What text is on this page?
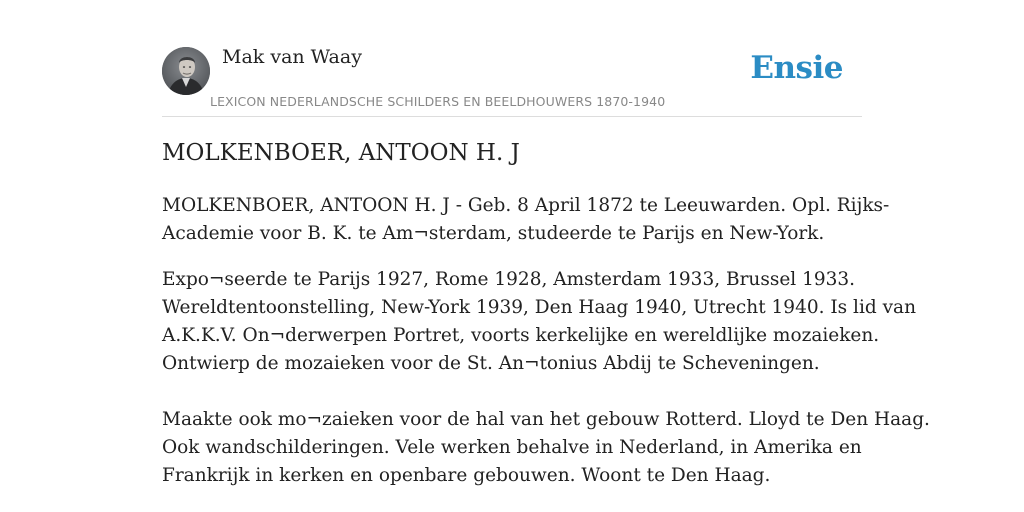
Mak van Waay
LEXICON NEDERLANDSCHE SCHILDERS EN BEELDHOUWERS 1870-1940
Ensie
MOLKENBOER, ANTOON H. J

MOLKENBOER, ANTOON H. J - Geb. 8 April 1872 te Leeuwarden. Opl. Rijks-
Academie voor B. K. te Am¬sterdam, studeerde te Parijs en New-York.

Expo¬seerde te Parijs 1927, Rome 1928, Amsterdam 1933, Brussel 1933.
Wereldtentoonstelling, New-York 1939, Den Haag 1940, Utrecht 1940. Is lid van
A.K.K.V. On¬derwerpen Portret, voorts kerkelijke en wereldlijke mozaieken.
Ontwierp de mozaieken voor de St. An¬tonius Abdij te Scheveningen.
Maakte ook mo¬zaieken voor de hal van het gebouw Rotterd. Lloyd te Den Haag.
Ook wandschilderingen. Vele werken behalve in Nederland, in Amerika en
Frankrijk in kerken en openbare gebouwen. Woont te Den Haag.
